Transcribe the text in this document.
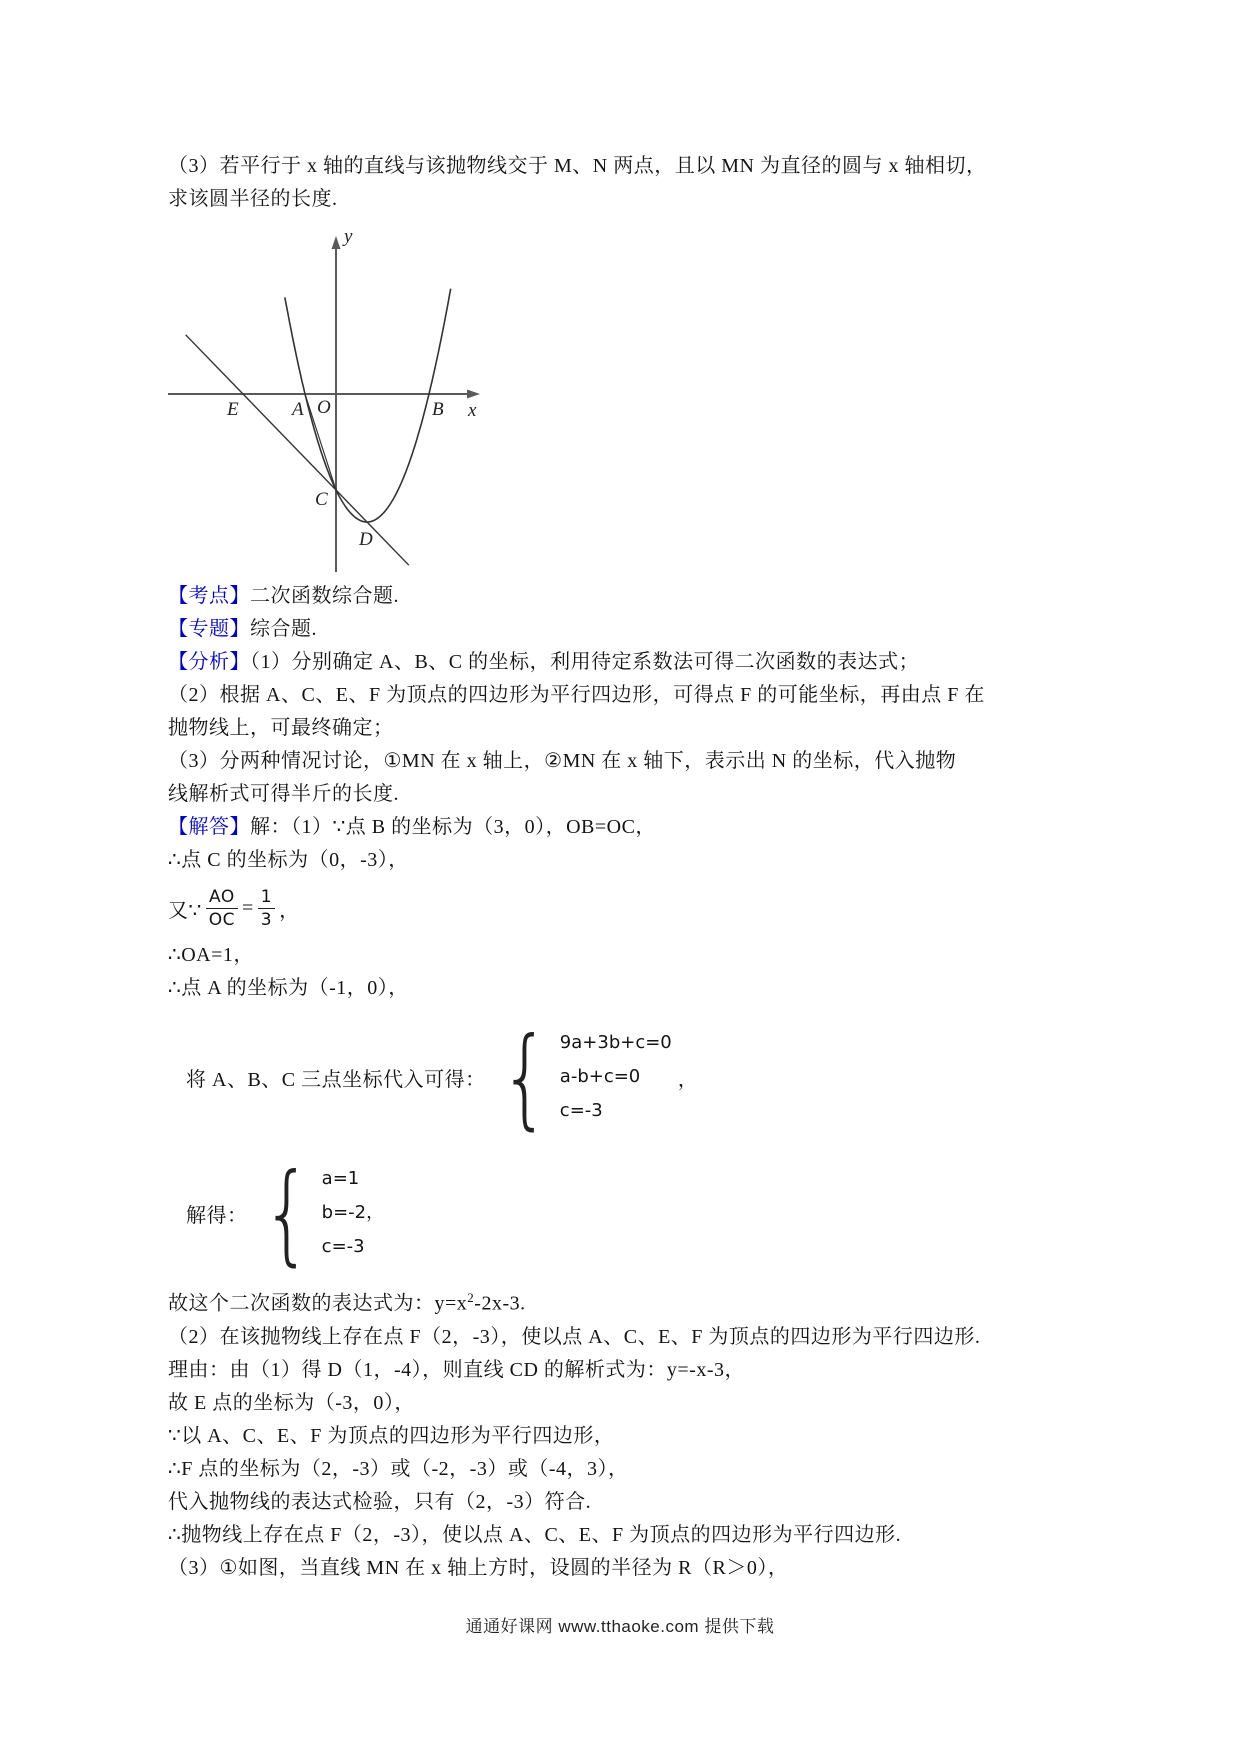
（3）若平行于 x 轴的直线与该抛物线交于 M、N 两点，且以 MN 为直径的圆与 x 轴相切，

求该圆半径的长度.

E	A O	B
C
D
y
x

【考点】二次函数综合题.

【专题】综合题.

【分析】（1）分别确定 A、B、C 的坐标，利用待定系数法可得二次函数的表达式；

（2）根据 A、C、E、F 为顶点的四边形为平行四边形，可得点 F 的可能坐标，再由点 F 在

抛物线上，可最终确定；

（3）分两种情况讨论，①MN 在 x 轴上，②MN 在 x 轴下，表示出 N 的坐标，代入抛物

线解析式可得半斤的长度.

【解答】解：（1）∵点 B 的坐标为（3，0），OB=OC，

∴点 C 的坐标为（0，-3），

又∵ $\frac{AO}{OC} = \frac{1}{3}$ ，

∴OA=1，

∴点 A 的坐标为（-1，0），

将 A、B、C 三点坐标代入可得： { 9a+3b+c=0
a-b+c=0
c=-3
，
解得： { a=1
b=-2，
c=-3

故这个二次函数的表达式为：$y=x^2-2x-3$.

（2）在该抛物线上存在点 F（2，-3），使以点 A、C、E、F 为顶点的四边形为平行四边形.

理由：由（1）得 D（1，-4），则直线 CD 的解析式为：y=-x-3，

故 E 点的坐标为（-3，0），

∵以 A、C、E、F 为顶点的四边形为平行四边形，

∴F 点的坐标为（2，-3）或（-2，-3）或（-4，3），

代入抛物线的表达式检验，只有（2，-3）符合.

∴抛物线上存在点 F（2，-3），使以点 A、C、E、F 为顶点的四边形为平行四边形.

（3）①如图，当直线 MN 在 x 轴上方时，设圆的半径为 R（R＞0），

通通好课网 www.tthaoke.com 提供下载
